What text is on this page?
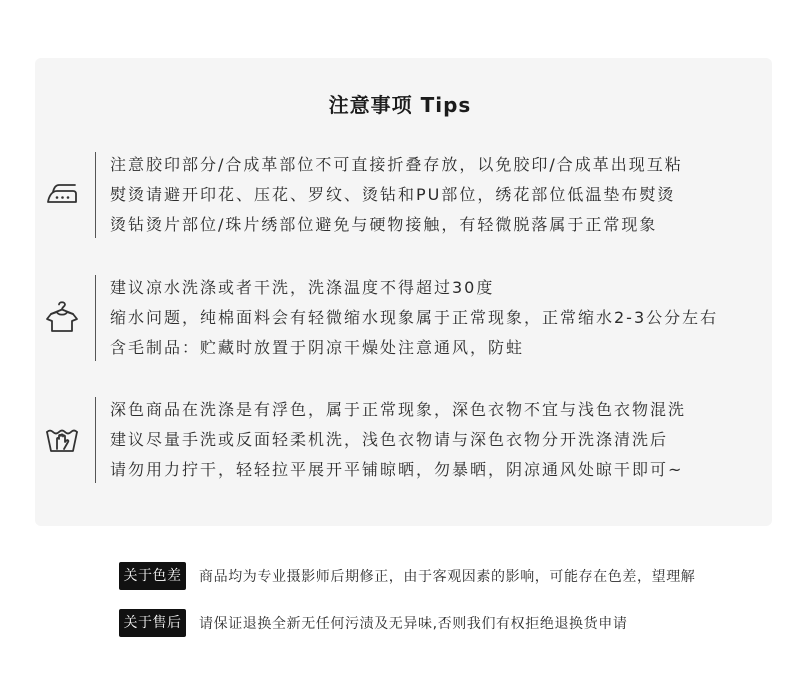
注意事项 Tips

注意胶印部分/合成革部位不可直接折叠存放，以免胶印/合成革出现互粘

熨烫请避开印花、压花、罗纹、烫钻和PU部位，绣花部位低温垫布熨烫

烫钻烫片部位/珠片绣部位避免与硬物接触，有轻微脱落属于正常现象

建议凉水洗涤或者干洗，洗涤温度不得超过30度

缩水问题，纯棉面料会有轻微缩水现象属于正常现象，正常缩水2-3公分左右

含毛制品：贮藏时放置于阴凉干燥处注意通风，防蛀

深色商品在洗涤是有浮色，属于正常现象，深色衣物不宜与浅色衣物混洗

建议尽量手洗或反面轻柔机洗，浅色衣物请与深色衣物分开洗涤清洗后

请勿用力拧干，轻轻拉平展开平铺晾晒，勿暴晒，阴凉通风处晾干即可~

关于色差	商品均为专业摄影师后期修正，由于客观因素的影响，可能存在色差，望理解
关于售后	请保证退换全新无任何污渍及无异味,否则我们有权拒绝退换货申请
